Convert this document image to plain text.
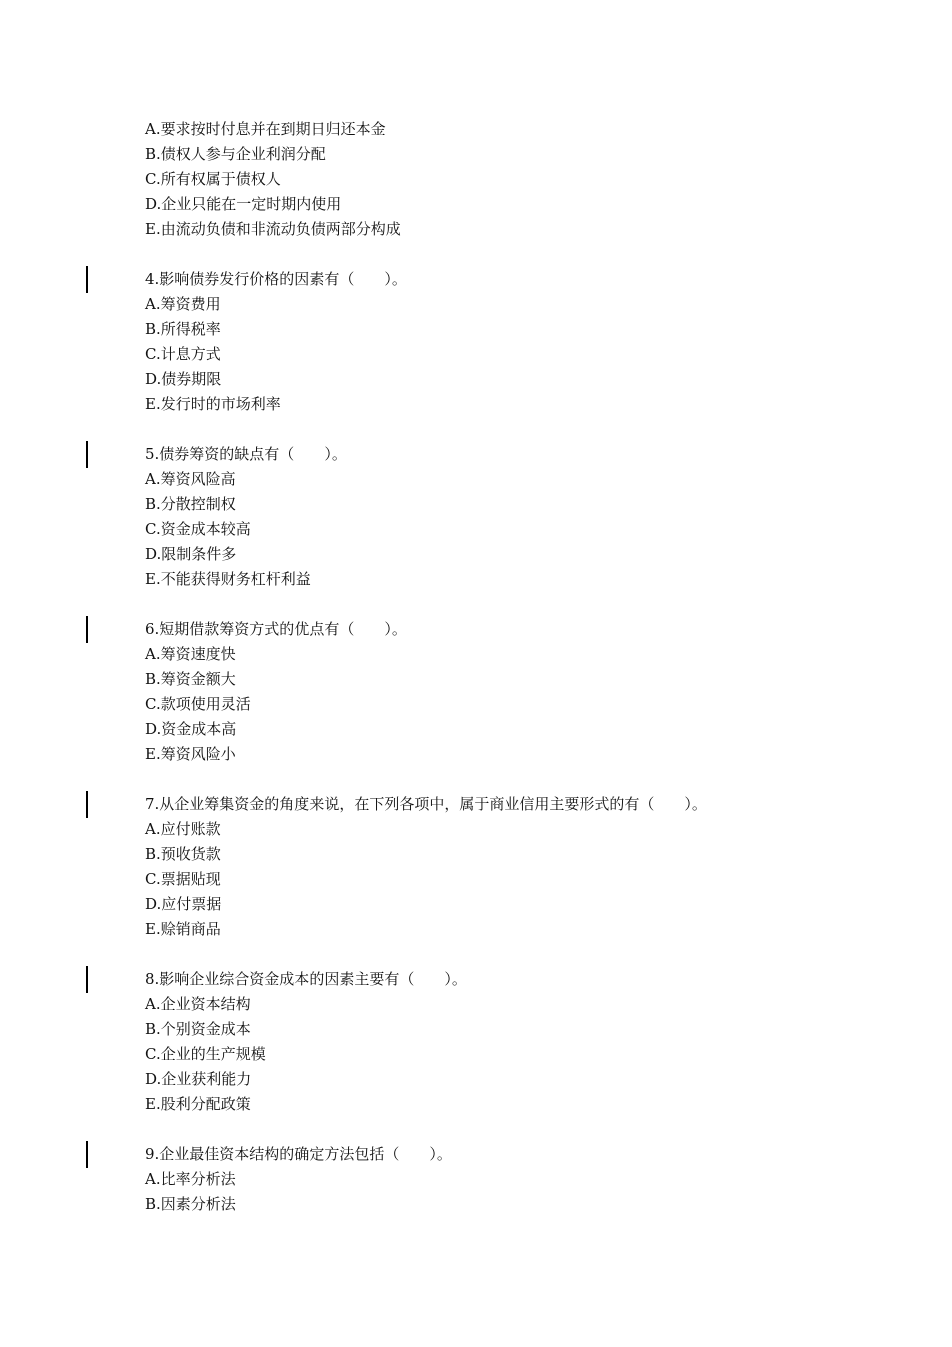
A.要求按时付息并在到期日归还本金
B.债权人参与企业利润分配
C.所有权属于债权人
D.企业只能在一定时期内使用
E.由流动负债和非流动负债两部分构成
4.影响债券发行价格的因素有（　　）。
A.筹资费用
B.所得税率
C.计息方式
D.债券期限
E.发行时的市场利率
5.债券筹资的缺点有（　　）。
A.筹资风险高
B.分散控制权
C.资金成本较高
D.限制条件多
E.不能获得财务杠杆利益
6.短期借款筹资方式的优点有（　　）。
A.筹资速度快
B.筹资金额大
C.款项使用灵活
D.资金成本高
E.筹资风险小
7.从企业筹集资金的角度来说，在下列各项中，属于商业信用主要形式的有（　　）。
A.应付账款
B.预收货款
C.票据贴现
D.应付票据
E.赊销商品
8.影响企业综合资金成本的因素主要有（　　）。
A.企业资本结构
B.个别资金成本
C.企业的生产规模
D.企业获利能力
E.股利分配政策
9.企业最佳资本结构的确定方法包括（　　）。
A.比率分析法
B.因素分析法
